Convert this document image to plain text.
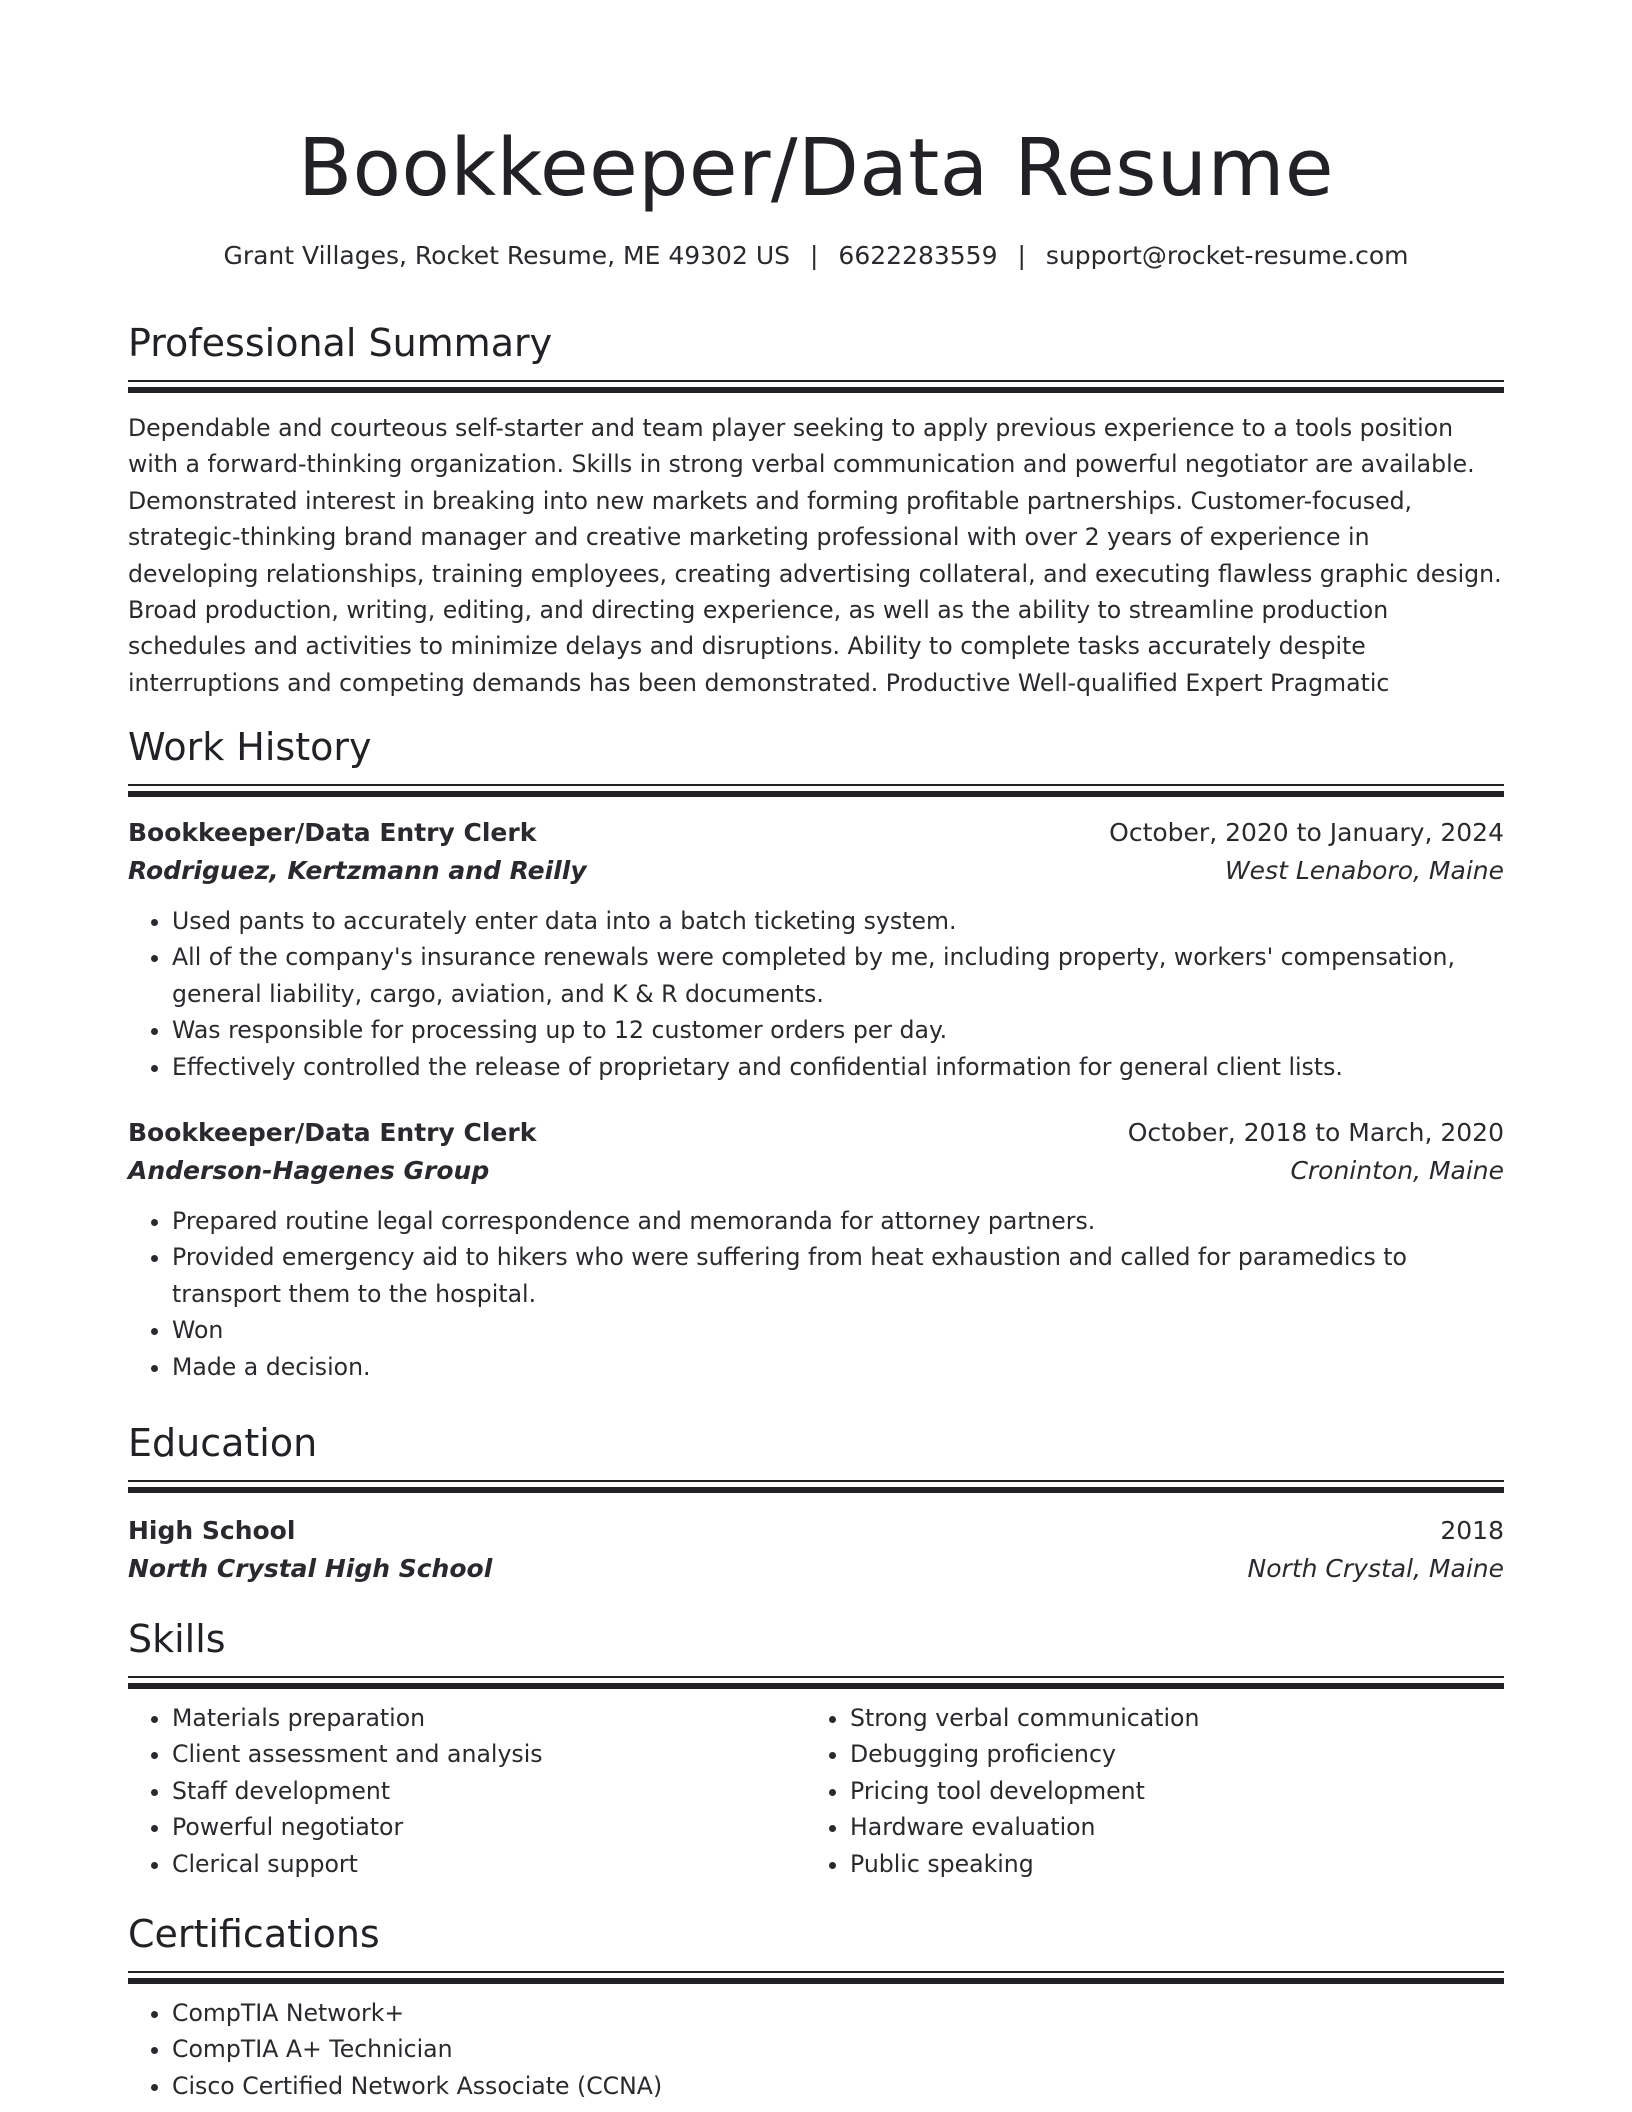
Bookkeeper/Data Resume
Grant Villages, Rocket Resume, ME 49302 US | 6622283559 | support@rocket-resume.com
Professional Summary
Dependable and courteous self-starter and team player seeking to apply previous experience to a tools position with a forward-thinking organization. Skills in strong verbal communication and powerful negotiator are available. Demonstrated interest in breaking into new markets and forming profitable partnerships. Customer-focused, strategic-thinking brand manager and creative marketing professional with over 2 years of experience in developing relationships, training employees, creating advertising collateral, and executing flawless graphic design. Broad production, writing, editing, and directing experience, as well as the ability to streamline production schedules and activities to minimize delays and disruptions. Ability to complete tasks accurately despite interruptions and competing demands has been demonstrated. Productive Well-qualified Expert Pragmatic
Work History
Bookkeeper/Data Entry Clerk	October, 2020 to January, 2024
Rodriguez, Kertzmann and Reilly	West Lenaboro, Maine
• Used pants to accurately enter data into a batch ticketing system.
• All of the company's insurance renewals were completed by me, including property, workers' compensation, general liability, cargo, aviation, and K & R documents.
• Was responsible for processing up to 12 customer orders per day.
• Effectively controlled the release of proprietary and confidential information for general client lists.
Bookkeeper/Data Entry Clerk	October, 2018 to March, 2020
Anderson-Hagenes Group	Croninton, Maine
• Prepared routine legal correspondence and memoranda for attorney partners.
• Provided emergency aid to hikers who were suffering from heat exhaustion and called for paramedics to transport them to the hospital.
• Won
• Made a decision.
Education
High School	2018
North Crystal High School	North Crystal, Maine
Skills
• Materials preparation
• Client assessment and analysis
• Staff development
• Powerful negotiator
• Clerical support
• Strong verbal communication
• Debugging proficiency
• Pricing tool development
• Hardware evaluation
• Public speaking
Certifications
• CompTIA Network+
• CompTIA A+ Technician
• Cisco Certified Network Associate (CCNA)
